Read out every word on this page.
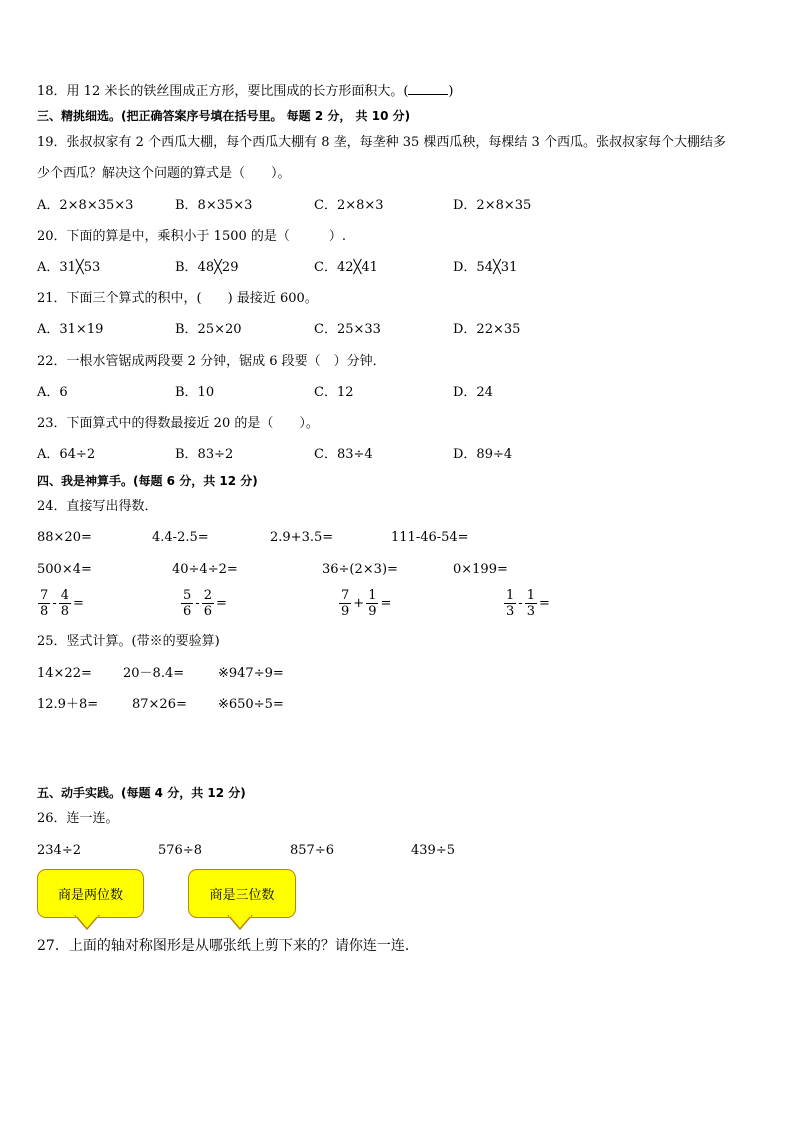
18．用 12 米长的铁丝围成正方形，要比围成的长方形面积大。(	)
三、精挑细选。(把正确答案序号填在括号里。 每题 2 分， 共 10 分)
19．张叔叔家有 2 个西瓜大棚，每个西瓜大棚有 8 垄，每垄种 35 棵西瓜秧，每棵结 3 个西瓜。张叔叔家每个大棚结多
少个西瓜？解决这个问题的算式是（　　）。
A．2×8×35×3	B．8×35×3	C．2×8×3	D．2×8×35
20．下面的算是中，乘积小于 1500 的是（　　　）.
A．31╳53	B．48╳29	C．42╳41	D．54╳31
21．下面三个算式的积中，(　　) 最接近 600。
A．31×19	B．25×20	C．25×33	D．22×35
22．一根水管锯成两段要 2 分钟，锯成 6 段要（　）分钟．
A．6	B．10	C．12	D．24
23．下面算式中的得数最接近 20 的是（　　）。
A．64÷2	B．83÷2	C．83÷4	D．89÷4
四、我是神算手。(每题 6 分，共 12 分)
24．直接写出得数．
88×20=	4.4-2.5=	2.9+3.5=	111-46-54=
500×4=	40÷4÷2=	36÷(2×3)=	0×199=
$\frac{7}{8} - \frac{4}{8}$ =	$\frac{5}{6} - \frac{2}{6}$ =	$\frac{7}{9} + \frac{1}{9}$ =	$\frac{1}{3} - \frac{1}{3}$ =
25．竖式计算。(带※的要验算)
14×22= 20－8.4=	※947÷9=
12.9＋8=	87×26= ※650÷5=
五、动手实践。(每题 4 分，共 12 分)
26．连一连。
234÷2	576÷8	857÷6	439÷5
商是两位数	商是三位数
27．上面的轴对称图形是从哪张纸上剪下来的？请你连一连.
